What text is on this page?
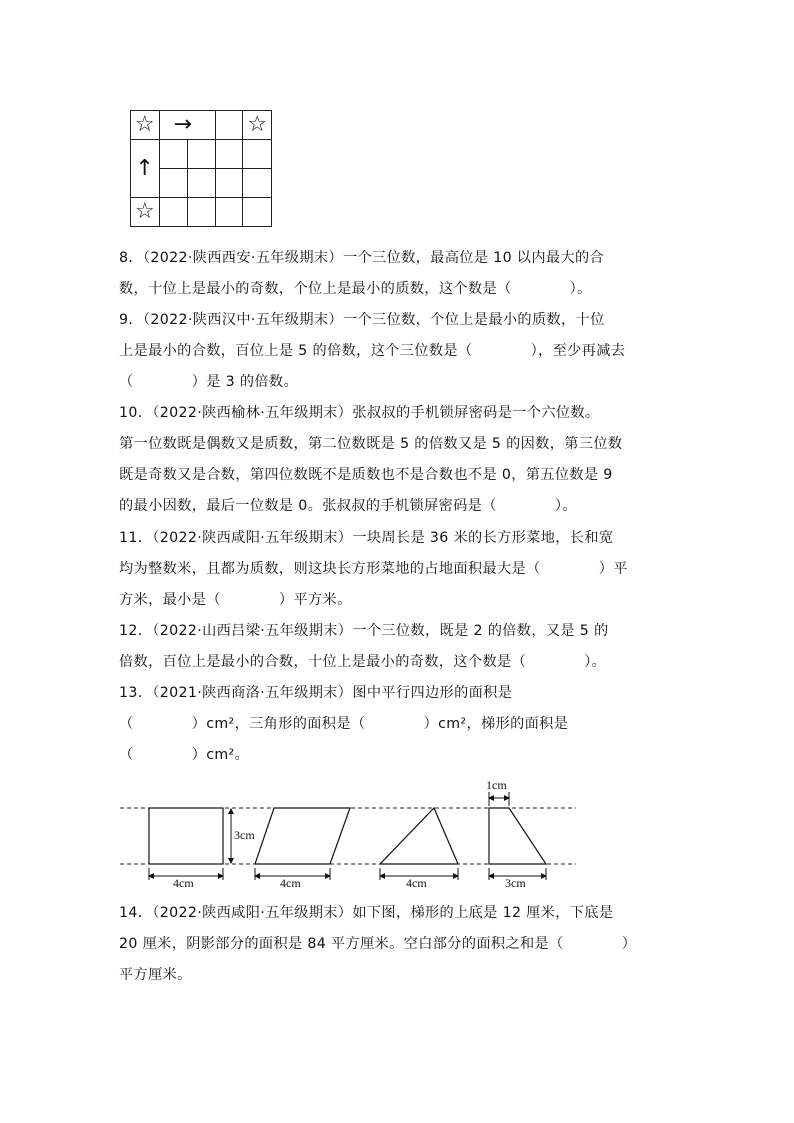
☆	→			☆
↑				

☆				

8．（2022·陕西西安·五年级期末）一个三位数，最高位是 10 以内最大的合

数，十位上是最小的奇数，个位上是最小的质数，这个数是（　　　　）。

9．（2022·陕西汉中·五年级期末）一个三位数，个位上是最小的质数，十位

上是最小的合数，百位上是 5 的倍数，这个三位数是（　　　　），至少再减去

（　　　　）是 3 的倍数。

10．（2022·陕西榆林·五年级期末）张叔叔的手机锁屏密码是一个六位数。

第一位数既是偶数又是质数，第二位数既是 5 的倍数又是 5 的因数，第三位数

既是奇数又是合数，第四位数既不是质数也不是合数也不是 0，第五位数是 9

的最小因数，最后一位数是 0。张叔叔的手机锁屏密码是（　　　　）。

11．（2022·陕西咸阳·五年级期末）一块周长是 36 米的长方形菜地，长和宽

均为整数米，且都为质数，则这块长方形菜地的占地面积最大是（　　　　）平

方米，最小是（　　　　）平方米。

12．（2022·山西吕梁·五年级期末）一个三位数，既是 2 的倍数，又是 5 的

倍数，百位上是最小的合数，十位上是最小的奇数，这个数是（　　　　）。

13．（2021·陕西商洛·五年级期末）图中平行四边形的面积是

（　　　　）cm²，三角形的面积是（　　　　）cm²，梯形的面积是

（　　　　）cm²。

3cm
4cm	4cm	4cm
1cm
3cm

14．（2022·陕西咸阳·五年级期末）如下图，梯形的上底是 12 厘米，下底是

20 厘米，阴影部分的面积是 84 平方厘米。空白部分的面积之和是（　　　　）

平方厘米。
